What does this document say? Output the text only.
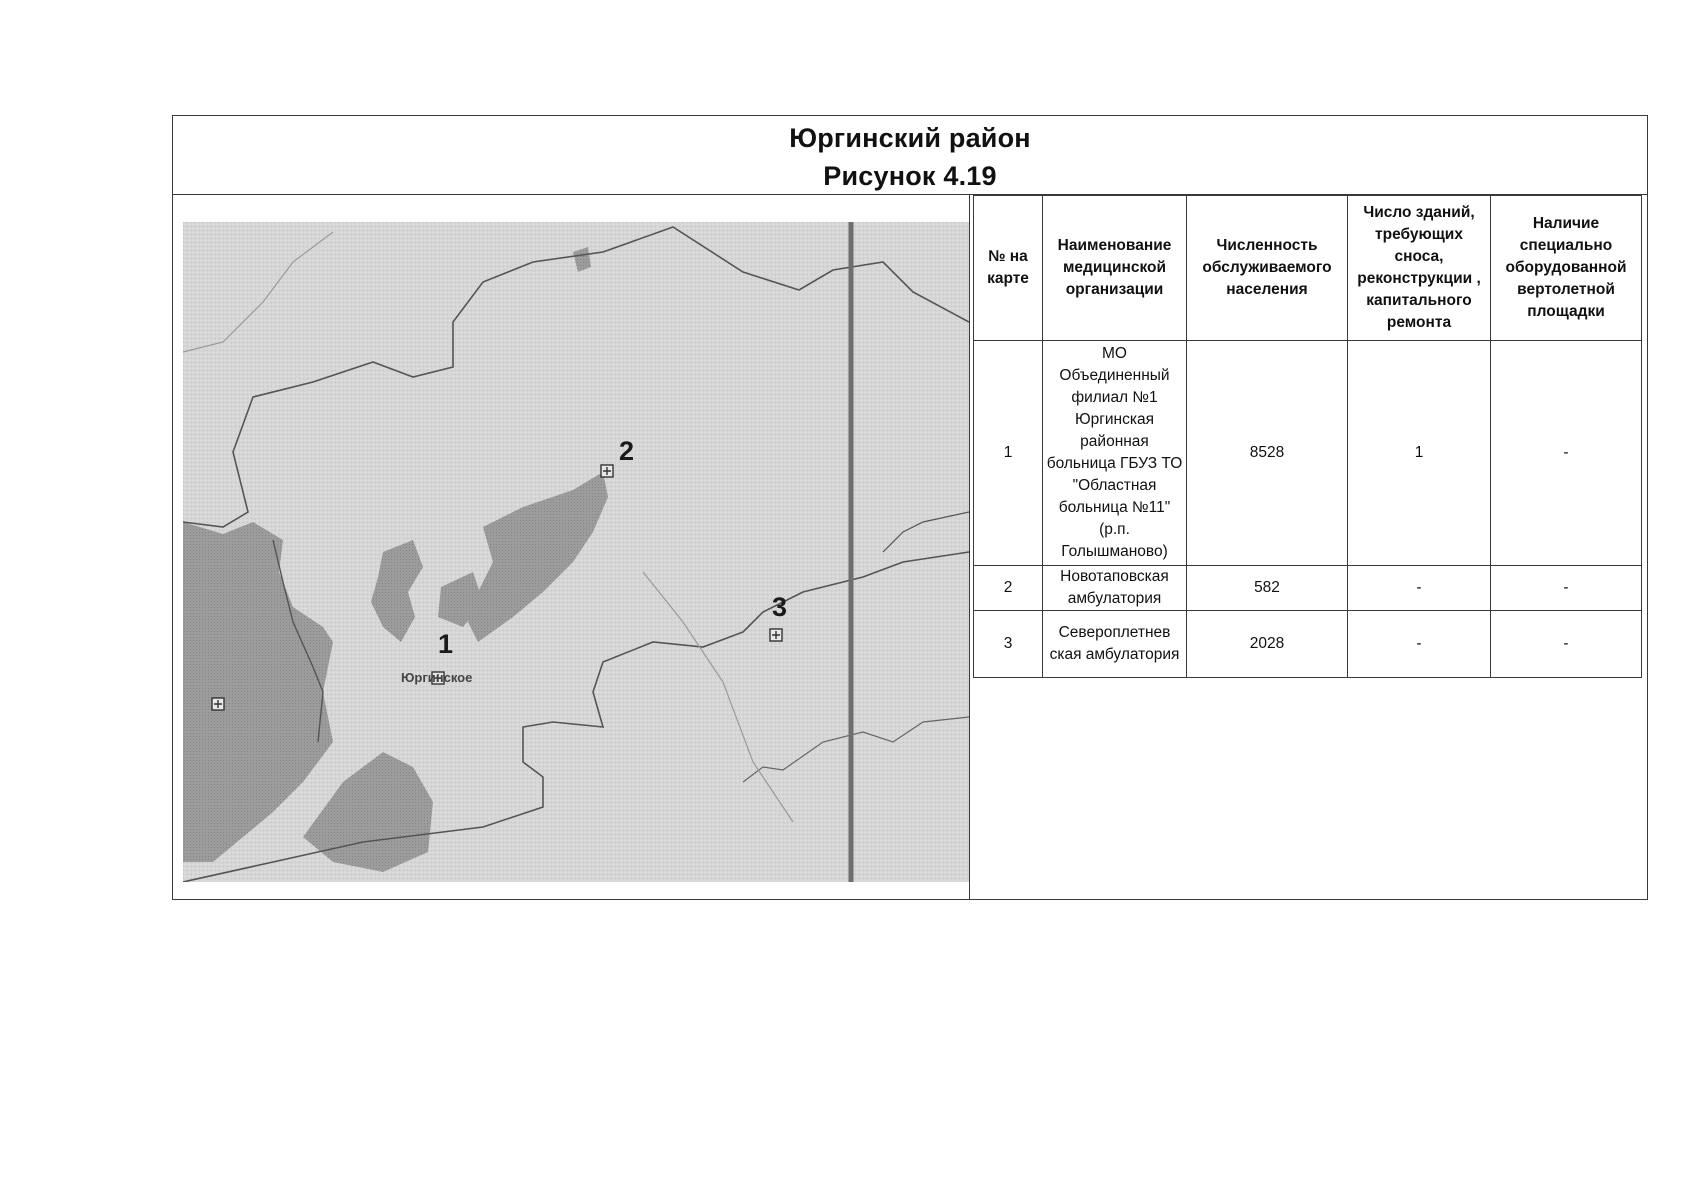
Юргинский район
Рисунок 4.19
1
Юргинское
2
3
№ на карте	Наименование медицинской организации	Численность обслуживаемого населения	Число зданий, требующих сноса, реконструкции , капитального ремонта	Наличие специально оборудованной вертолетной площадки
1	МО Объединенный филиал №1 Юргинская районная больница ГБУЗ ТО "Областная больница №11" (р.п. Голышманово)	8528	1	-
2	Новотаповская амбулатория	582	-	-
3	Североплетнев ская амбулатория	2028	-	-
